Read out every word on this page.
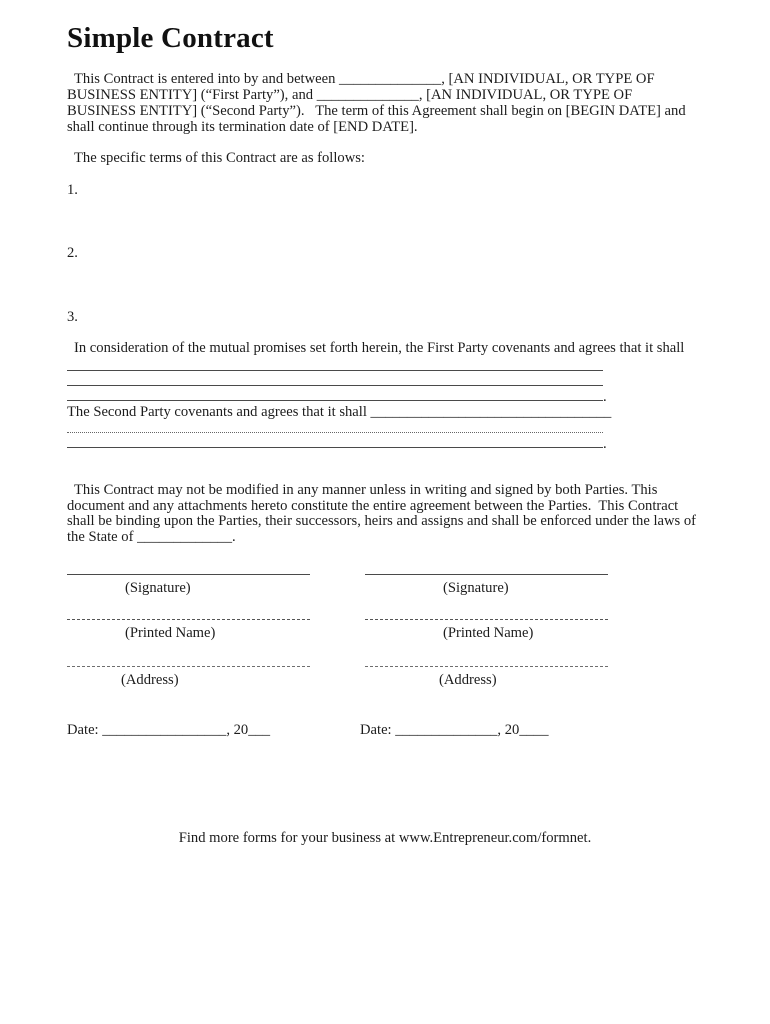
Simple Contract
This Contract is entered into by and between ______________, [AN INDIVIDUAL, OR TYPE OF BUSINESS ENTITY] (“First Party”), and ______________, [AN INDIVIDUAL, OR TYPE OF BUSINESS ENTITY] (“Second Party”).   The term of this Agreement shall begin on [BEGIN DATE] and shall continue through its termination date of [END DATE].
The specific terms of this Contract are as follows:
1.
2.
3.
In consideration of the mutual promises set forth herein, the First Party covenants and agrees that it shall
.
The Second Party covenants and agrees that it shall _________________________________
.
This Contract may not be modified in any manner unless in writing and signed by both Parties. This document and any attachments hereto constitute the entire agreement between the Parties.  This Contract shall be binding upon the Parties, their successors, heirs and assigns and shall be enforced under the laws of the State of _____________.
(Signature)
(Printed Name)
(Address)
(Signature)
(Printed Name)
(Address)
Date: _________________, 20___	Date: ______________, 20____
Find more forms for your business at www.Entrepreneur.com/formnet.
